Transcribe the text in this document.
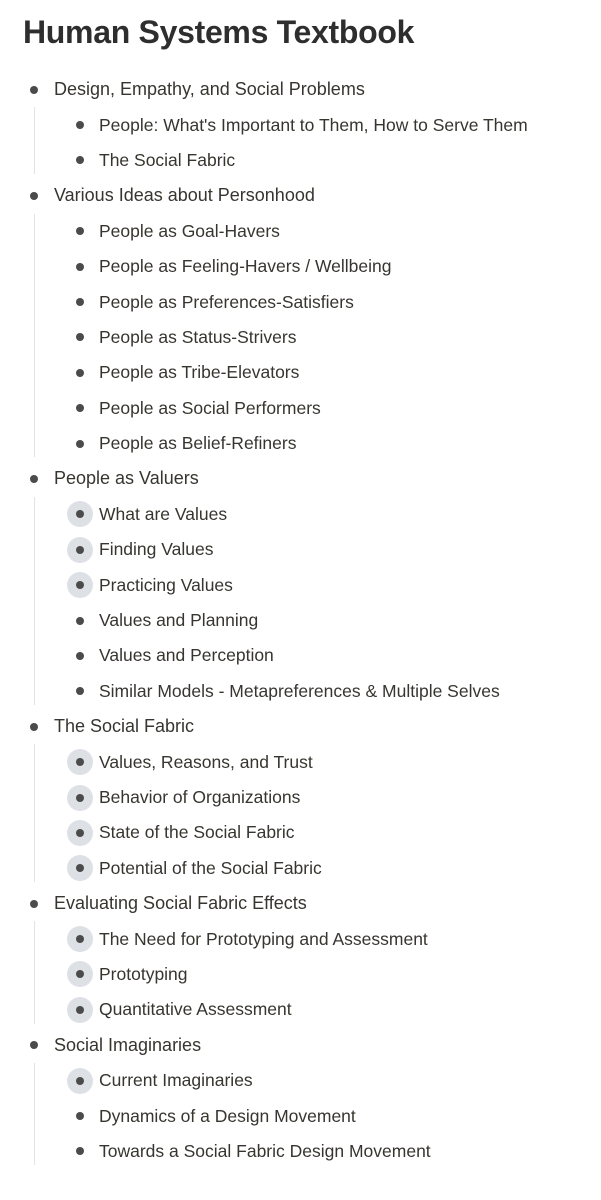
Human Systems Textbook
Design, Empathy, and Social Problems
People: What's Important to Them, How to Serve Them
The Social Fabric
Various Ideas about Personhood
People as Goal-Havers
People as Feeling-Havers / Wellbeing
People as Preferences-Satisfiers
People as Status-Strivers
People as Tribe-Elevators
People as Social Performers
People as Belief-Refiners
People as Valuers
What are Values
Finding Values
Practicing Values
Values and Planning
Values and Perception
Similar Models - Metapreferences & Multiple Selves
The Social Fabric
Values, Reasons, and Trust
Behavior of Organizations
State of the Social Fabric
Potential of the Social Fabric
Evaluating Social Fabric Effects
The Need for Prototyping and Assessment
Prototyping
Quantitative Assessment
Social Imaginaries
Current Imaginaries
Dynamics of a Design Movement
Towards a Social Fabric Design Movement
